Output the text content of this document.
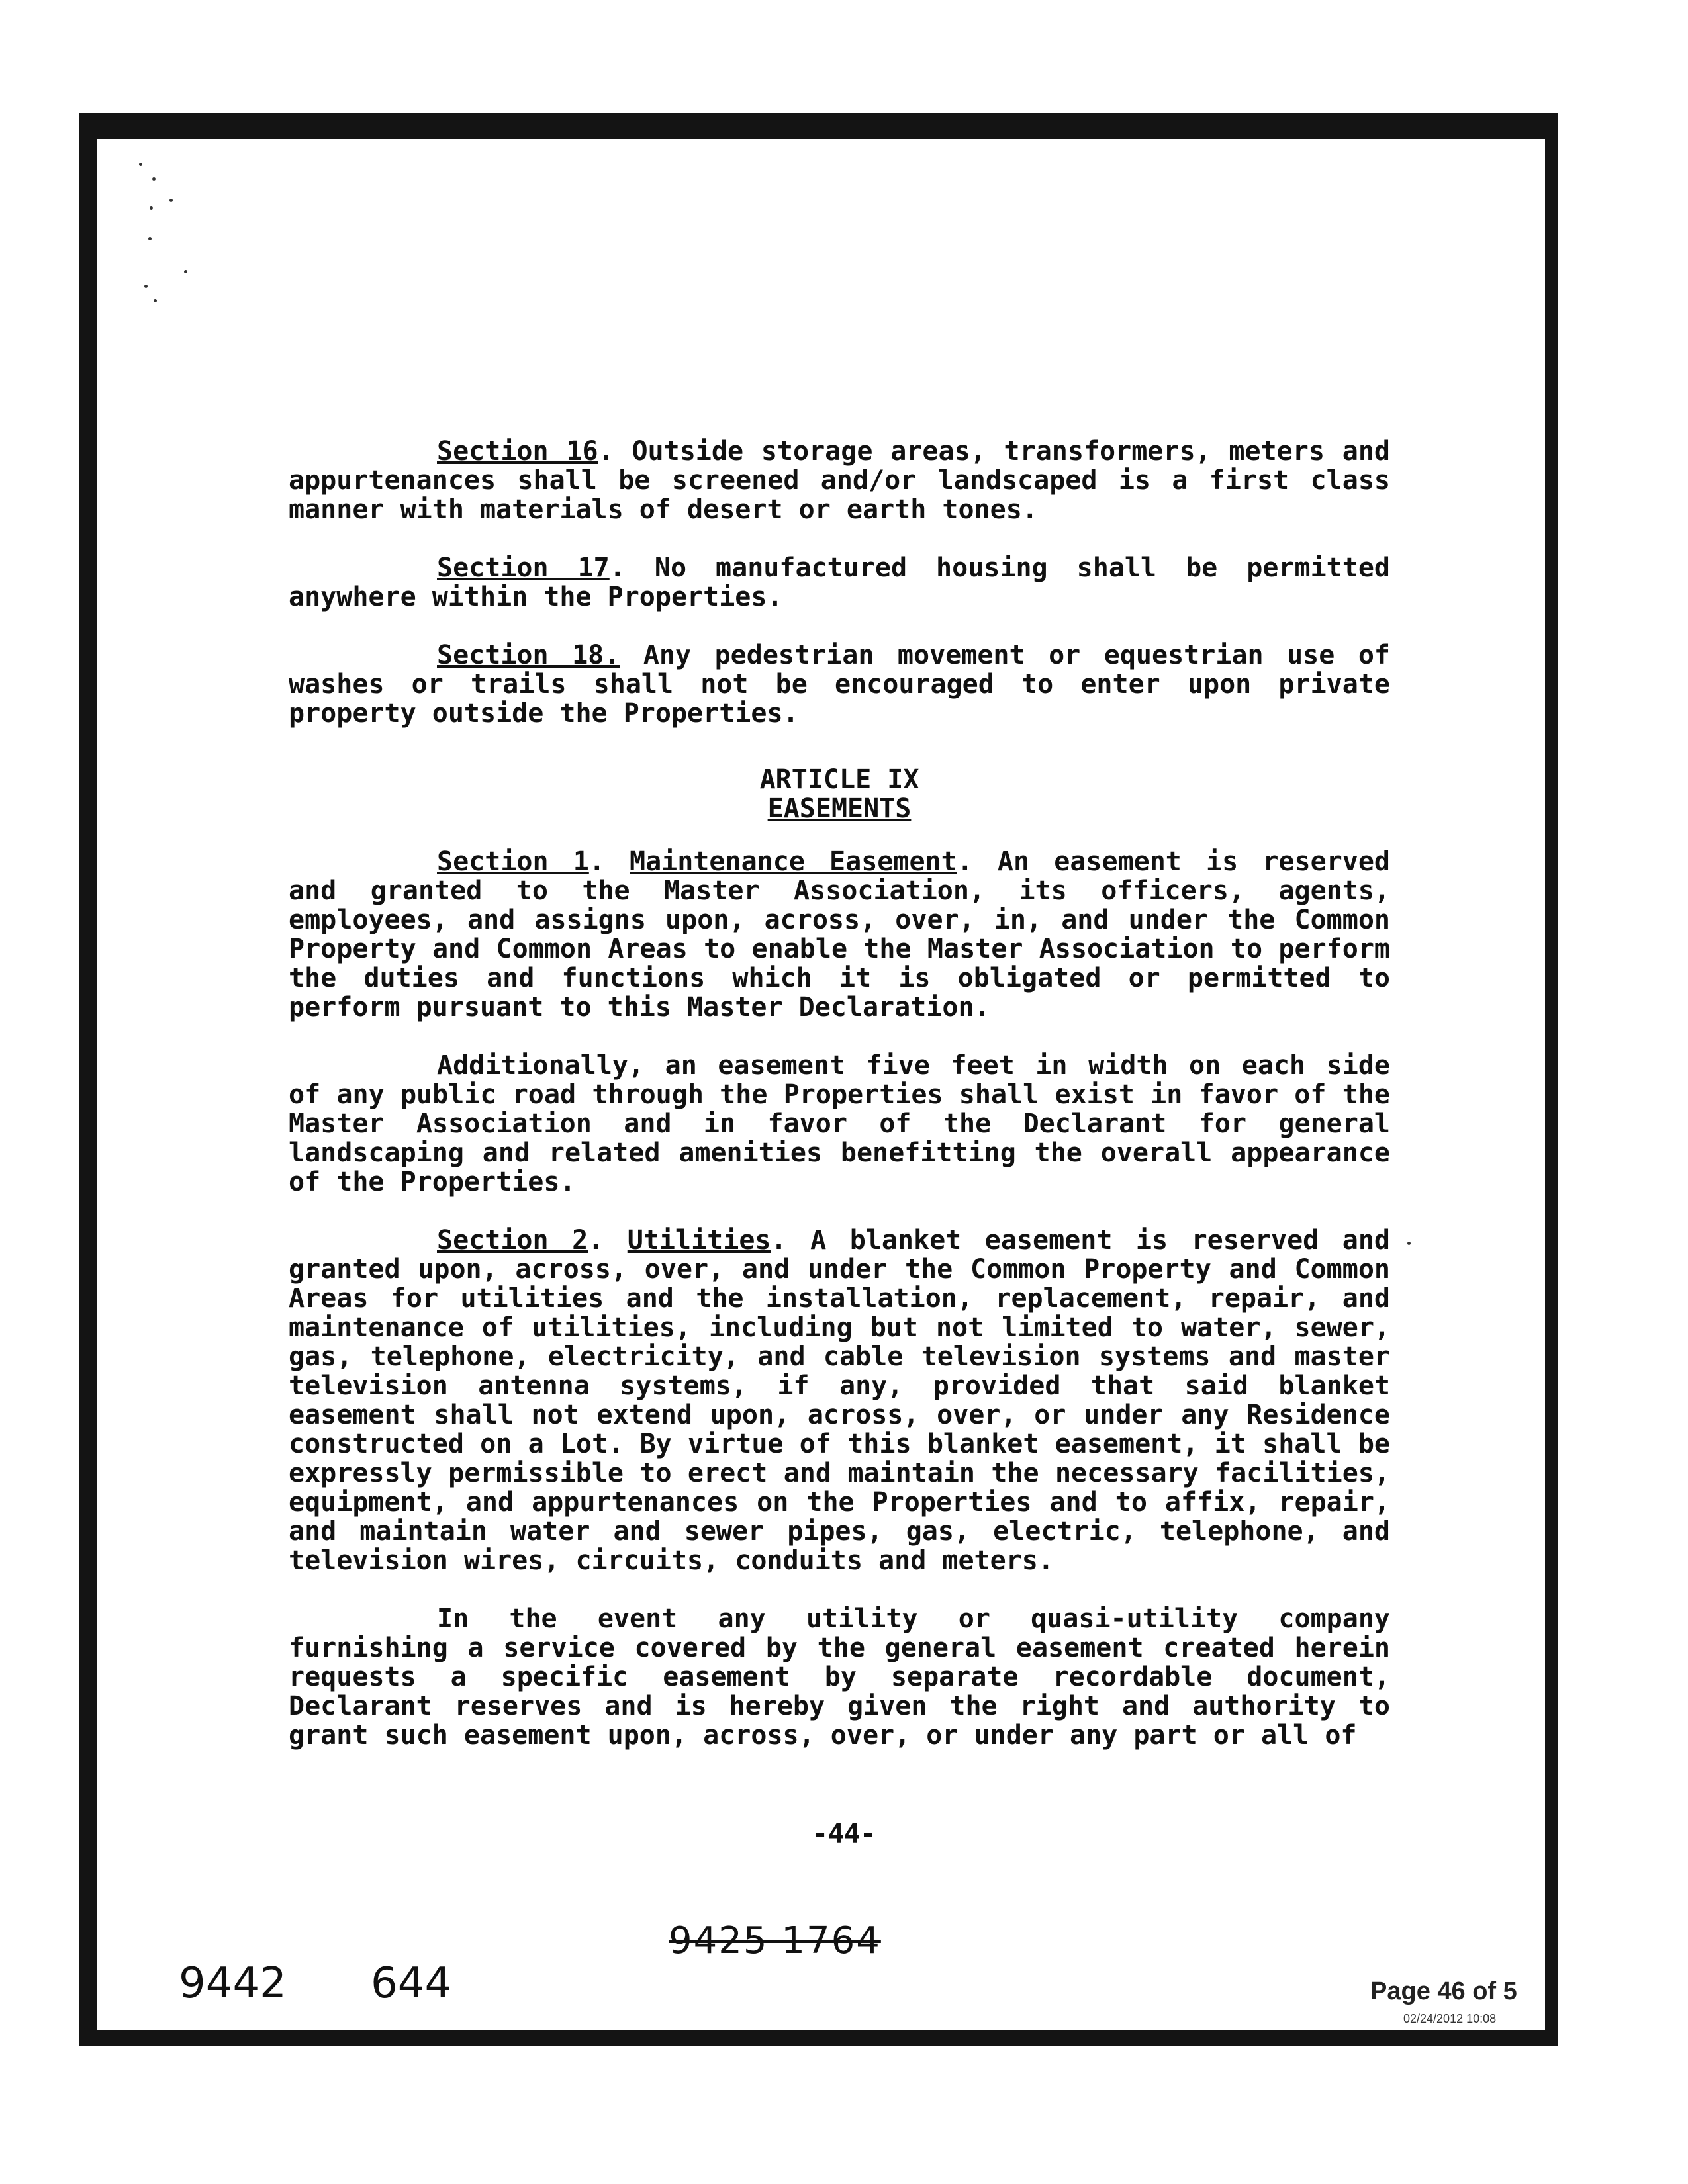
Section 16. Outside storage areas, transformers, meters and appurtenances shall be screened and/or landscaped is a first class manner with materials of desert or earth tones.

Section 17. No manufactured housing shall be permitted anywhere within the Properties.

Section 18. Any pedestrian movement or equestrian use of washes or trails shall not be encouraged to enter upon private property outside the Properties.

ARTICLE IX

EASEMENTS

Section 1. Maintenance Easement. An easement is reserved and granted to the Master Association, its officers, agents, employees, and assigns upon, across, over, in, and under the Common Property and Common Areas to enable the Master Association to perform the duties and functions which it is obligated or permitted to perform pursuant to this Master Declaration.

Additionally, an easement five feet in width on each side of any public road through the Properties shall exist in favor of the Master Association and in favor of the Declarant for general landscaping and related amenities benefitting the overall appearance of the Properties.

Section 2. Utilities. A blanket easement is reserved and granted upon, across, over, and under the Common Property and Common Areas for utilities and the installation, replacement, repair, and maintenance of utilities, including but not limited to water, sewer, gas, telephone, electricity, and cable television systems and master television antenna systems, if any, provided that said blanket easement shall not extend upon, across, over, or under any Residence constructed on a Lot. By virtue of this blanket easement, it shall be expressly permissible to erect and maintain the necessary facilities, equipment, and appurtenances on the Properties and to affix, repair, and maintain water and sewer pipes, gas, electric, telephone, and television wires, circuits, conduits and meters.

In the event any utility or quasi-utility company furnishing a service covered by the general easement created herein requests a specific easement by separate recordable document, Declarant reserves and is hereby given the right and authority to grant such easement upon, across, over, or under any part or all of

-44-
9425 1764
9442 644	Page 46 of 5
02/24/2012 10:08
